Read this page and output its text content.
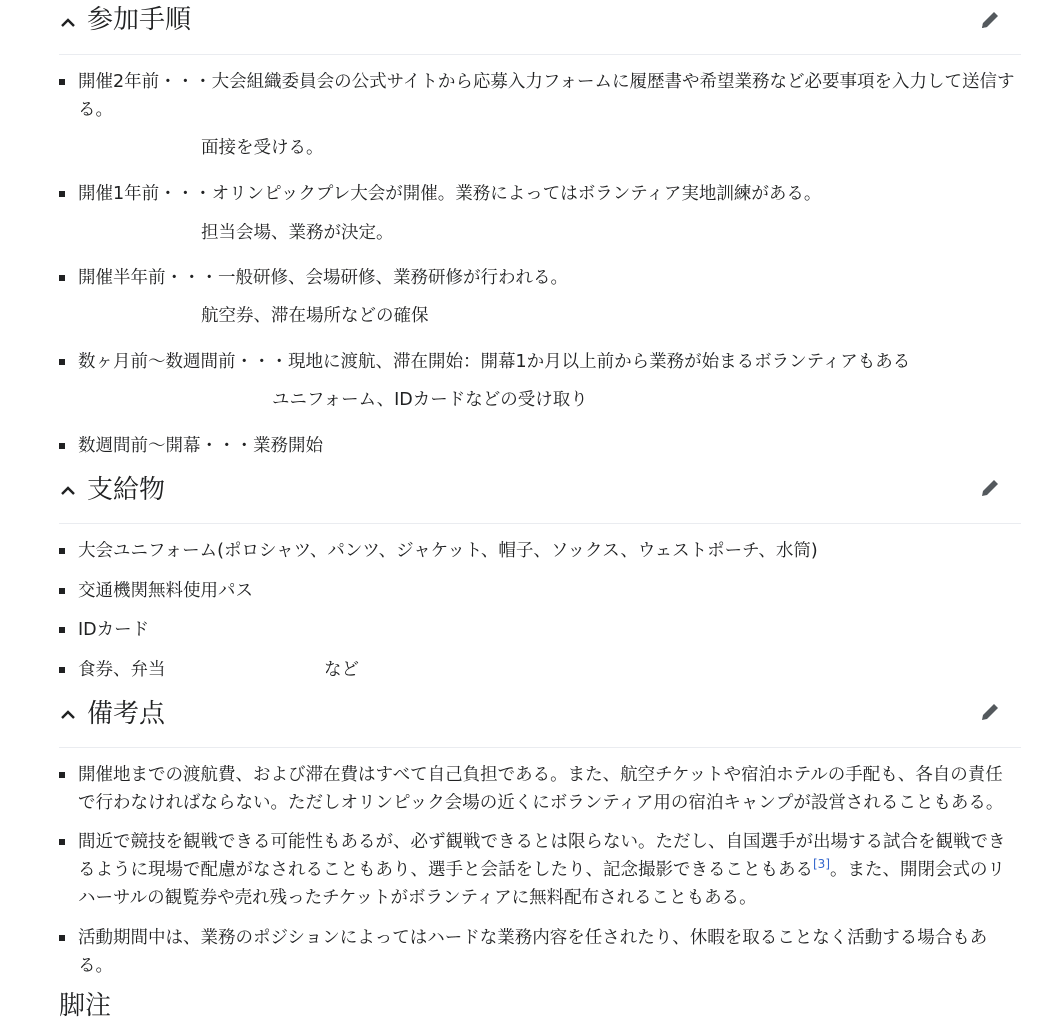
参加手順
開催2年前・・・大会組織委員会の公式サイトから応募入力フォームに履歴書や希望業務など必要事項を入力して送信する。
面接を受ける。
開催1年前・・・オリンピックプレ大会が開催。業務によってはボランティア実地訓練がある。
担当会場、業務が決定。
開催半年前・・・一般研修、会場研修、業務研修が行われる。
航空券、滞在場所などの確保
数ヶ月前〜数週間前・・・現地に渡航、滞在開始：開幕1か月以上前から業務が始まるボランティアもある
ユニフォーム、IDカードなどの受け取り
数週間前〜開幕・・・業務開始
支給物
大会ユニフォーム(ポロシャツ、パンツ、ジャケット、帽子、ソックス、ウェストポーチ、水筒)
交通機関無料使用パス
IDカード
食券、弁当	など
備考点
開催地までの渡航費、および滞在費はすべて自己負担である。また、航空チケットや宿泊ホテルの手配も、各自の責任で行わなければならない。ただしオリンピック会場の近くにボランティア用の宿泊キャンプが設営されることもある。
間近で競技を観戦できる可能性もあるが、必ず観戦できるとは限らない。ただし、自国選手が出場する試合を観戦できるように現場で配慮がなされることもあり、選手と会話をしたり、記念撮影できることもある[3]。また、開閉会式のリハーサルの観覧券や売れ残ったチケットがボランティアに無料配布されることもある。
活動期間中は、業務のポジションによってはハードな業務内容を任されたり、休暇を取ることなく活動する場合もある。
脚注
